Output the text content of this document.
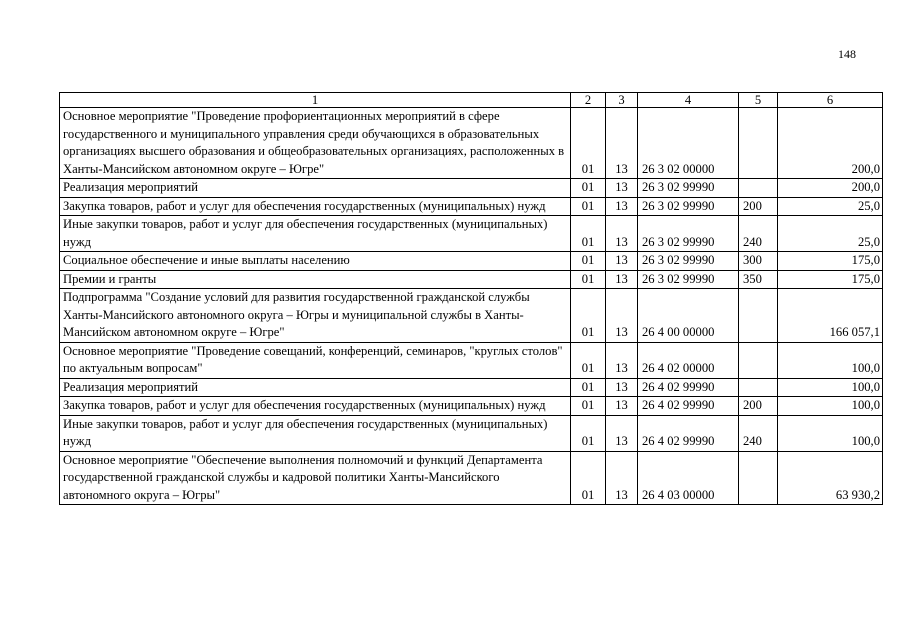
148
1	2	3	4	5	6
Основное мероприятие "Проведение профориентационных мероприятий в сфере государственного и муниципального управления среди обучающихся в образовательных организациях высшего образования и общеобразовательных организациях, расположенных в Ханты-Мансийском автономном округе – Югре"	01	13	26 3 02 00000		200,0
Реализация мероприятий	01	13	26 3 02 99990		200,0
Закупка товаров, работ и услуг для обеспечения государственных (муниципальных) нужд	01	13	26 3 02 99990	200	25,0
Иные закупки товаров, работ и услуг для обеспечения государственных (муниципальных) нужд	01	13	26 3 02 99990	240	25,0
Социальное обеспечение и иные выплаты населению	01	13	26 3 02 99990	300	175,0
Премии и гранты	01	13	26 3 02 99990	350	175,0
Подпрограмма "Создание условий для развития государственной гражданской службы Ханты-Мансийского автономного округа – Югры и муниципальной службы в Ханты-Мансийском автономном округе – Югре"	01	13	26 4 00 00000		166 057,1
Основное мероприятие "Проведение совещаний, конференций, семинаров, "круглых столов" по актуальным вопросам"	01	13	26 4 02 00000		100,0
Реализация мероприятий	01	13	26 4 02 99990		100,0
Закупка товаров, работ и услуг для обеспечения государственных (муниципальных) нужд	01	13	26 4 02 99990	200	100,0
Иные закупки товаров, работ и услуг для обеспечения государственных (муниципальных) нужд	01	13	26 4 02 99990	240	100,0
Основное мероприятие "Обеспечение выполнения полномочий и функций Департамента государственной гражданской службы и кадровой политики Ханты-Мансийского автономного округа – Югры"	01	13	26 4 03 00000		63 930,2
